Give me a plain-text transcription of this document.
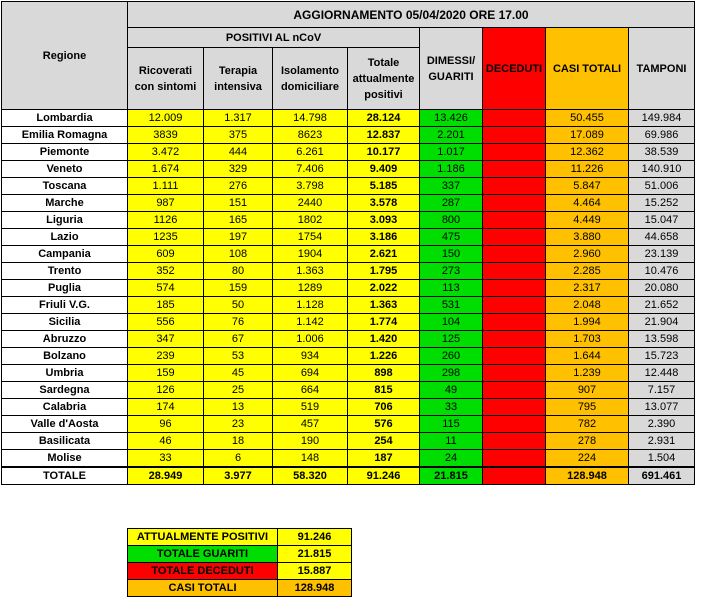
Regione	AGGIORNAMENTO 05/04/2020 ORE 17.00							
	POSITIVI AL nCoV				DIMESSI/ GUARITI	DECEDUTI	CASI TOTALI	TAMPONI
	Ricoverati con sintomi	Terapia intensiva	Isolamento domiciliare	Totale attualmente positivi				
Lombardia	12.009	1.317	14.798	28.124	13.426	8.905	50.455	149.984
Emilia Romagna	3839	375	8623	12.837	2.201	2.051	17.089	69.986
Piemonte	3.472	444	6.261	10.177	1.017	1.168	12.362	38.539
Veneto	1.674	329	7.406	9.409	1.186	631	11.226	140.910
Toscana	1.111	276	3.798	5.185	337	325	5.847	51.006
Marche	987	151	2440	3.578	287	599	4.464	15.252
Liguria	1126	165	1802	3.093	800	556	4.449	15.047
Lazio	1235	197	1754	3.186	475	219	3.880	44.658
Campania	609	108	1904	2.621	150	189	2.960	23.139
Trento	352	80	1.363	1.795	273	217	2.285	10.476
Puglia	574	159	1289	2.022	113	182	2.317	20.080
Friuli V.G.	185	50	1.128	1.363	531	154	2.048	21.652
Sicilia	556	76	1.142	1.774	104	116	1.994	21.904
Abruzzo	347	67	1.006	1.420	125	158	1.703	13.598
Bolzano	239	53	934	1.226	260	158	1.644	15.723
Umbria	159	45	694	898	298	43	1.239	12.448
Sardegna	126	25	664	815	49	43	907	7.157
Calabria	174	13	519	706	33	56	795	13.077
Valle d'Aosta	96	23	457	576	115	91	782	2.390
Basilicata	46	18	190	254	11	13	278	2.931
Molise	33	6	148	187	24	13	224	1.504
TOTALE	28.949	3.977	58.320	91.246	21.815	15.887	128.948	691.461
ATTUALMENTE POSITIVI	91.246
TOTALE GUARITI	21.815
TOTALE DECEDUTI	15.887
CASI TOTALI	128.948
